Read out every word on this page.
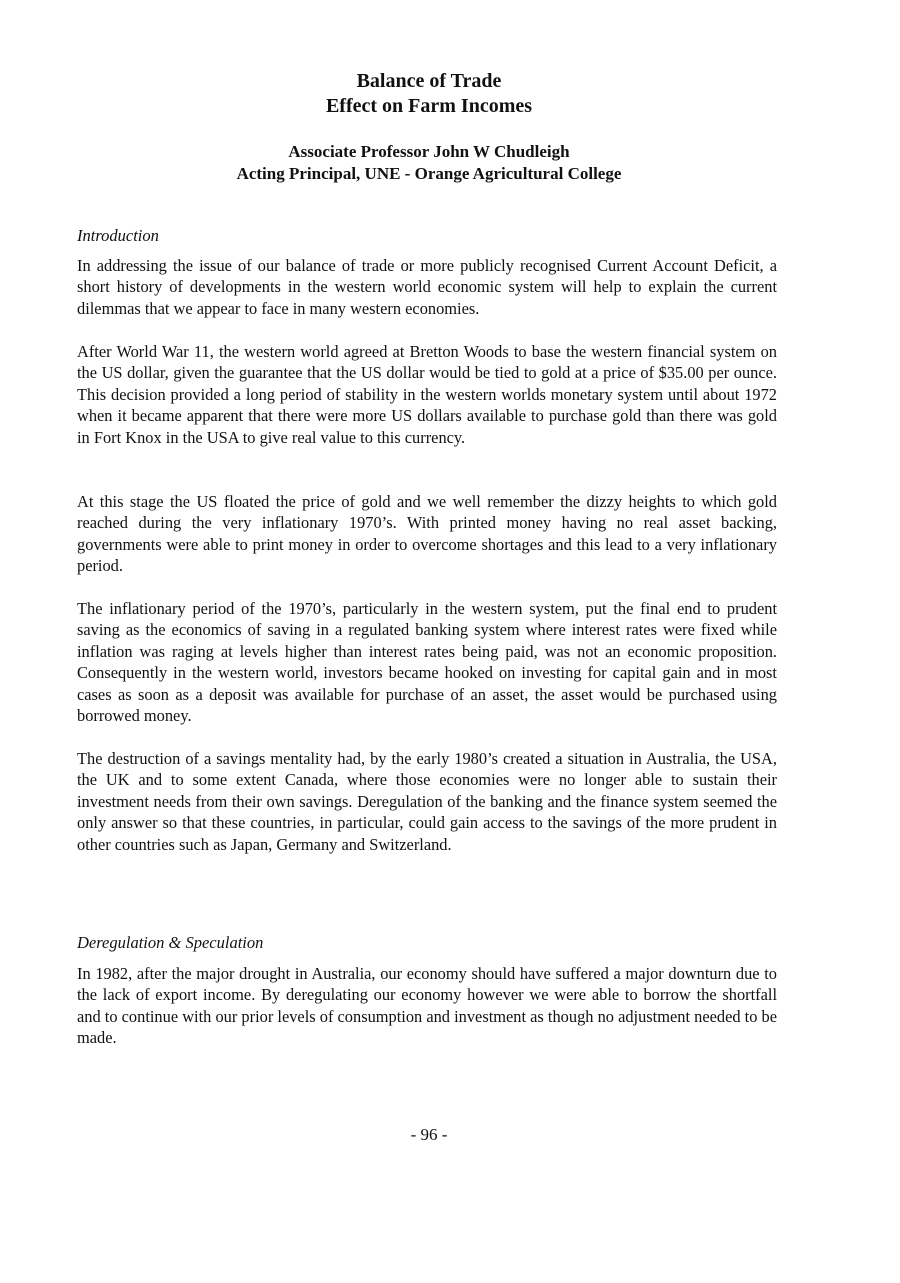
Balance of Trade
Effect on Farm Incomes
Associate Professor John W Chudleigh
Acting Principal, UNE - Orange Agricultural College
Introduction

In addressing the issue of our balance of trade or more publicly recognised Current Account Deficit, a short history of developments in the western world economic system will help to explain the current dilemmas that we appear to face in many western economies.

After World War 11, the western world agreed at Bretton Woods to base the western financial system on the US dollar, given the guarantee that the US dollar would be tied to gold at a price of $35.00 per ounce. This decision provided a long period of stability in the western worlds monetary system until about 1972 when it became apparent that there were more US dollars available to purchase gold than there was gold in Fort Knox in the USA to give real value to this currency.

At this stage the US floated the price of gold and we well remember the dizzy heights to which gold reached during the very inflationary 1970’s. With printed money having no real asset backing, governments were able to print money in order to overcome shortages and this lead to a very inflationary period.

The inflationary period of the 1970’s, particularly in the western system, put the final end to prudent saving as the economics of saving in a regulated banking system where interest rates were fixed while inflation was raging at levels higher than interest rates being paid, was not an economic proposition. Consequently in the western world, investors became hooked on investing for capital gain and in most cases as soon as a deposit was available for purchase of an asset, the asset would be purchased using borrowed money.

The destruction of a savings mentality had, by the early 1980’s created a situation in Australia, the USA, the UK and to some extent Canada, where those economies were no longer able to sustain their investment needs from their own savings. Deregulation of the banking and the finance system seemed the only answer so that these countries, in particular, could gain access to the savings of the more prudent in other countries such as Japan, Germany and Switzerland.

Deregulation & Speculation

In 1982, after the major drought in Australia, our economy should have suffered a major downturn due to the lack of export income. By deregulating our economy however we were able to borrow the shortfall and to continue with our prior levels of consumption and investment as though no adjustment needed to be made.

- 96 -
